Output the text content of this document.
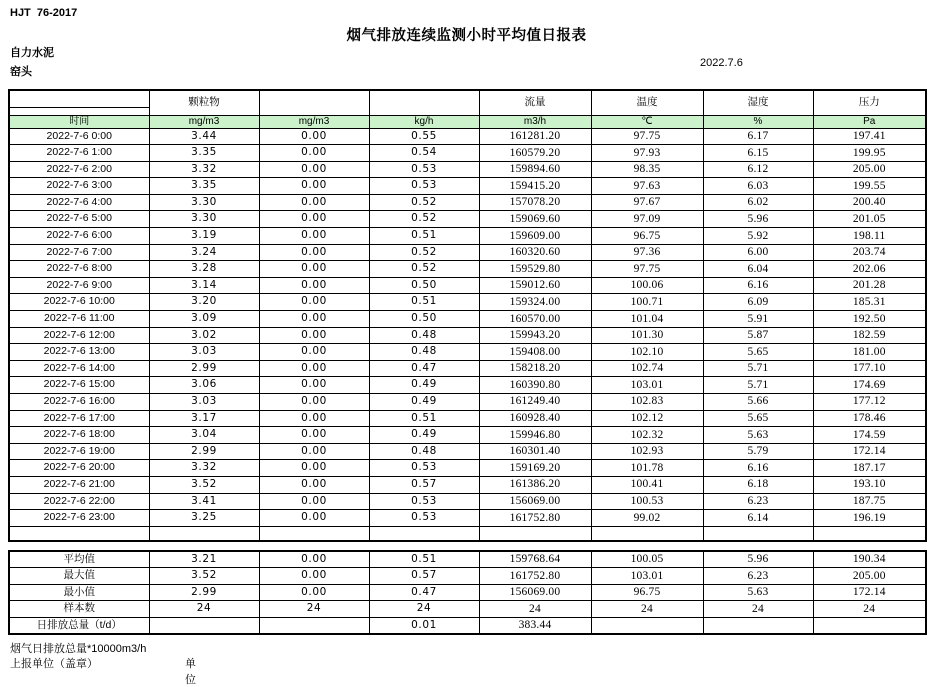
HJT  76-2017
烟气排放连续监测小时平均值日报表
自力水泥
窑头
2022.7.6
	颗粒物			流量	温度	湿度	压力

时间	mg/m3	mg/m3	kg/h	m3/h	℃	%	Pa
2022-7-6 0:00	3.44	0.00	0.55	161281.20	97.75	6.17	197.41
2022-7-6 1:00	3.35	0.00	0.54	160579.20	97.93	6.15	199.95
2022-7-6 2:00	3.32	0.00	0.53	159894.60	98.35	6.12	205.00
2022-7-6 3:00	3.35	0.00	0.53	159415.20	97.63	6.03	199.55
2022-7-6 4:00	3.30	0.00	0.52	157078.20	97.67	6.02	200.40
2022-7-6 5:00	3.30	0.00	0.52	159069.60	97.09	5.96	201.05
2022-7-6 6:00	3.19	0.00	0.51	159609.00	96.75	5.92	198.11
2022-7-6 7:00	3.24	0.00	0.52	160320.60	97.36	6.00	203.74
2022-7-6 8:00	3.28	0.00	0.52	159529.80	97.75	6.04	202.06
2022-7-6 9:00	3.14	0.00	0.50	159012.60	100.06	6.16	201.28
2022-7-6 10:00	3.20	0.00	0.51	159324.00	100.71	6.09	185.31
2022-7-6 11:00	3.09	0.00	0.50	160570.00	101.04	5.91	192.50
2022-7-6 12:00	3.02	0.00	0.48	159943.20	101.30	5.87	182.59
2022-7-6 13:00	3.03	0.00	0.48	159408.00	102.10	5.65	181.00
2022-7-6 14:00	2.99	0.00	0.47	158218.20	102.74	5.71	177.10
2022-7-6 15:00	3.06	0.00	0.49	160390.80	103.01	5.71	174.69
2022-7-6 16:00	3.03	0.00	0.49	161249.40	102.83	5.66	177.12
2022-7-6 17:00	3.17	0.00	0.51	160928.40	102.12	5.65	178.46
2022-7-6 18:00	3.04	0.00	0.49	159946.80	102.32	5.63	174.59
2022-7-6 19:00	2.99	0.00	0.48	160301.40	102.93	5.79	172.14
2022-7-6 20:00	3.32	0.00	0.53	159169.20	101.78	6.16	187.17
2022-7-6 21:00	3.52	0.00	0.57	161386.20	100.41	6.18	193.10
2022-7-6 22:00	3.41	0.00	0.53	156069.00	100.53	6.23	187.75
2022-7-6 23:00	3.25	0.00	0.53	161752.80	99.02	6.14	196.19

平均值	3.21	0.00	0.51	159768.64	100.05	5.96	190.34
最大值	3.52	0.00	0.57	161752.80	103.01	6.23	205.00
最小值	2.99	0.00	0.47	156069.00	96.75	5.63	172.14
样本数	24	24	24	24	24	24	24
日排放总量（t/d）			0.01	383.44			
烟气日排放总量*10000m3/h
上报单位（盖章）	单位
